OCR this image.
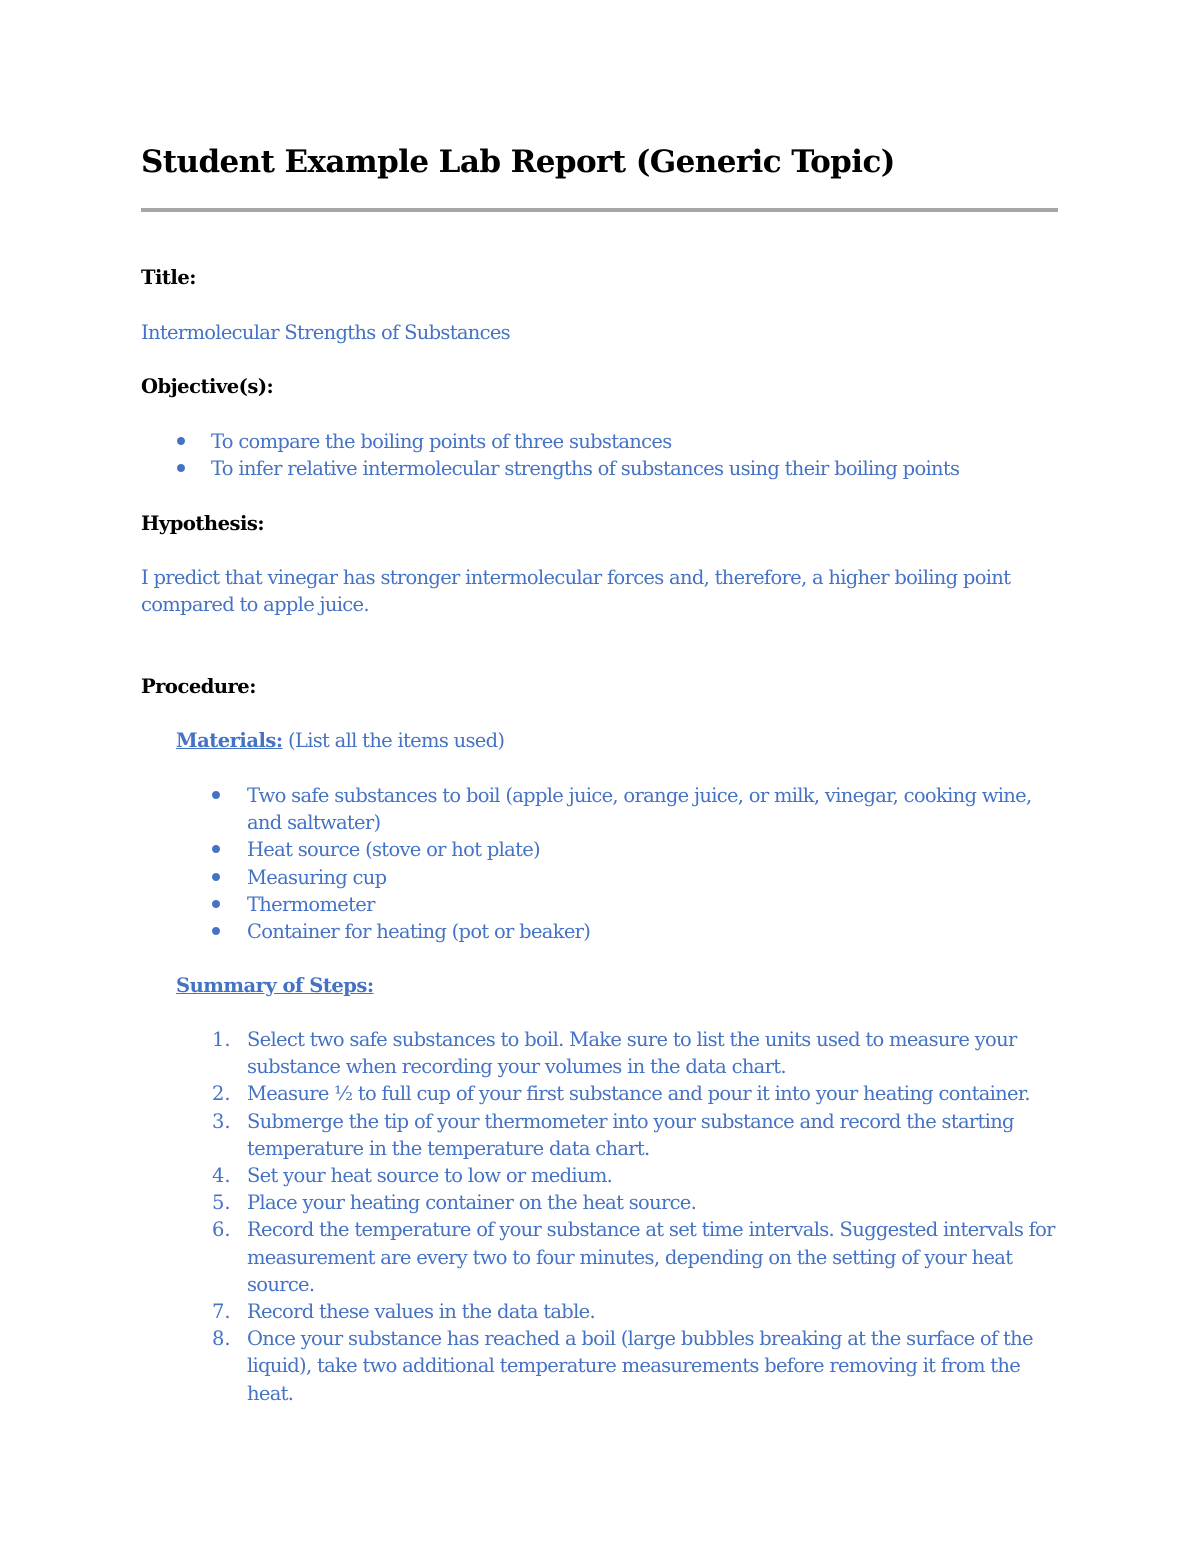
Student Example Lab Report (Generic Topic)

Title:

Intermolecular Strengths of Substances

Objective(s):

To compare the boiling points of three substances
To infer relative intermolecular strengths of substances using their boiling points

Hypothesis:

I predict that vinegar has stronger intermolecular forces and, therefore, a higher boiling point compared to apple juice.

Procedure:

Materials: (List all the items used)

Two safe substances to boil (apple juice, orange juice, or milk, vinegar, cooking wine, and saltwater)
Heat source (stove or hot plate)
Measuring cup
Thermometer
Container for heating (pot or beaker)

Summary of Steps:

1. Select two safe substances to boil. Make sure to list the units used to measure your substance when recording your volumes in the data chart.
2. Measure ½ to full cup of your first substance and pour it into your heating container.
3. Submerge the tip of your thermometer into your substance and record the starting temperature in the temperature data chart.
4. Set your heat source to low or medium.
5. Place your heating container on the heat source.
6. Record the temperature of your substance at set time intervals. Suggested intervals for measurement are every two to four minutes, depending on the setting of your heat source.
7. Record these values in the data table.
8. Once your substance has reached a boil (large bubbles breaking at the surface of the liquid), take two additional temperature measurements before removing it from the heat.
